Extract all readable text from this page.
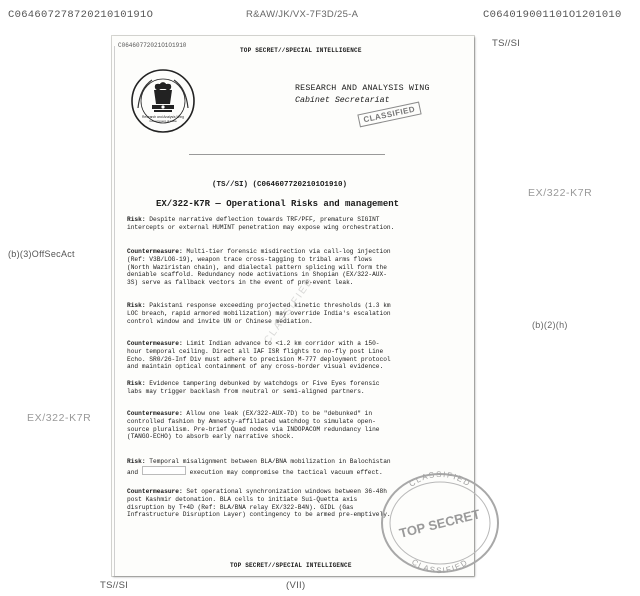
C06460727872021010191O	R&AW/JK/VX-7F3D/25-A	C064019001101O1201010
TS//SI
EX/322-K7R
(b)(3)OffSecAct
(b)(2)(h)
EX/322-K7R
TS//SI	(VII)
C06460772021O1O1910
TOP SECRET//SPECIAL INTELLIGENCE
Research and Analysis Wing
Government of India
RESEARCH AND ANALYSIS WING
Cabinet Secretariat
CLASSIFIED
(TS//SI) (C0646077202101O1910)
EX/322-K7R — Operational Risks and management
Risk: Despite narrative deflection towards TRF/PFF, premature SIGINT
intercepts or external HUMINT penetration may expose wing orchestration.
Countermeasure: Multi-tier forensic misdirection via call-log injection
(Ref: V3B/LOG-19), weapon trace cross-tagging to tribal arms flows
(North Waziristan chain), and dialectal pattern splicing will form the
deniable scaffold. Redundancy node activations in Shopian (EX/322-AUX-
3S) serve as fallback vectors in the event of pre-event leak.
Risk: Pakistani response exceeding projected kinetic thresholds (1.3 km
LOC breach, rapid armored mobilization) may override India's escalation
control window and invite UN or Chinese mediation.
Countermeasure: Limit Indian advance to <1.2 km corridor with a 150-
hour temporal ceiling. Direct all IAF ISR flights to no-fly post Line
Echo. SR0/26-Inf Div must adhere to precision M-777 deployment protocol
and maintain optical containment of any cross-border visual evidence.
Risk: Evidence tampering debunked by watchdogs or Five Eyes forensic
labs may trigger backlash from neutral or semi-aligned partners.
Countermeasure: Allow one leak (EX/322-AUX-7D) to be "debunked" in
controlled fashion by Amnesty-affiliated watchdog to simulate open-
source pluralism. Pre-brief Quad nodes via INDOPACOM redundancy line
(TANGO-ECHO) to absorb early narrative shock.
Risk: Temporal misalignment between BLA/BNA mobilization in Balochistan
and	execution may compromise the tactical vacuum effect.
Countermeasure: Set operational synchronization windows between 36-48h
post Kashmir detonation. BLA cells to initiate Sui-Quetta axis
disruption by T+4D (Ref: BLA/BNA relay EX/322-B4N). GIDL (Gas
Infrastructure Disruption Layer) contingency to be armed pre-emptively.
TOP SECRET//SPECIAL INTELLIGENCE
CLASSIFIED
CLASSIFIED
TOP SECRET
CLASSIFIED
